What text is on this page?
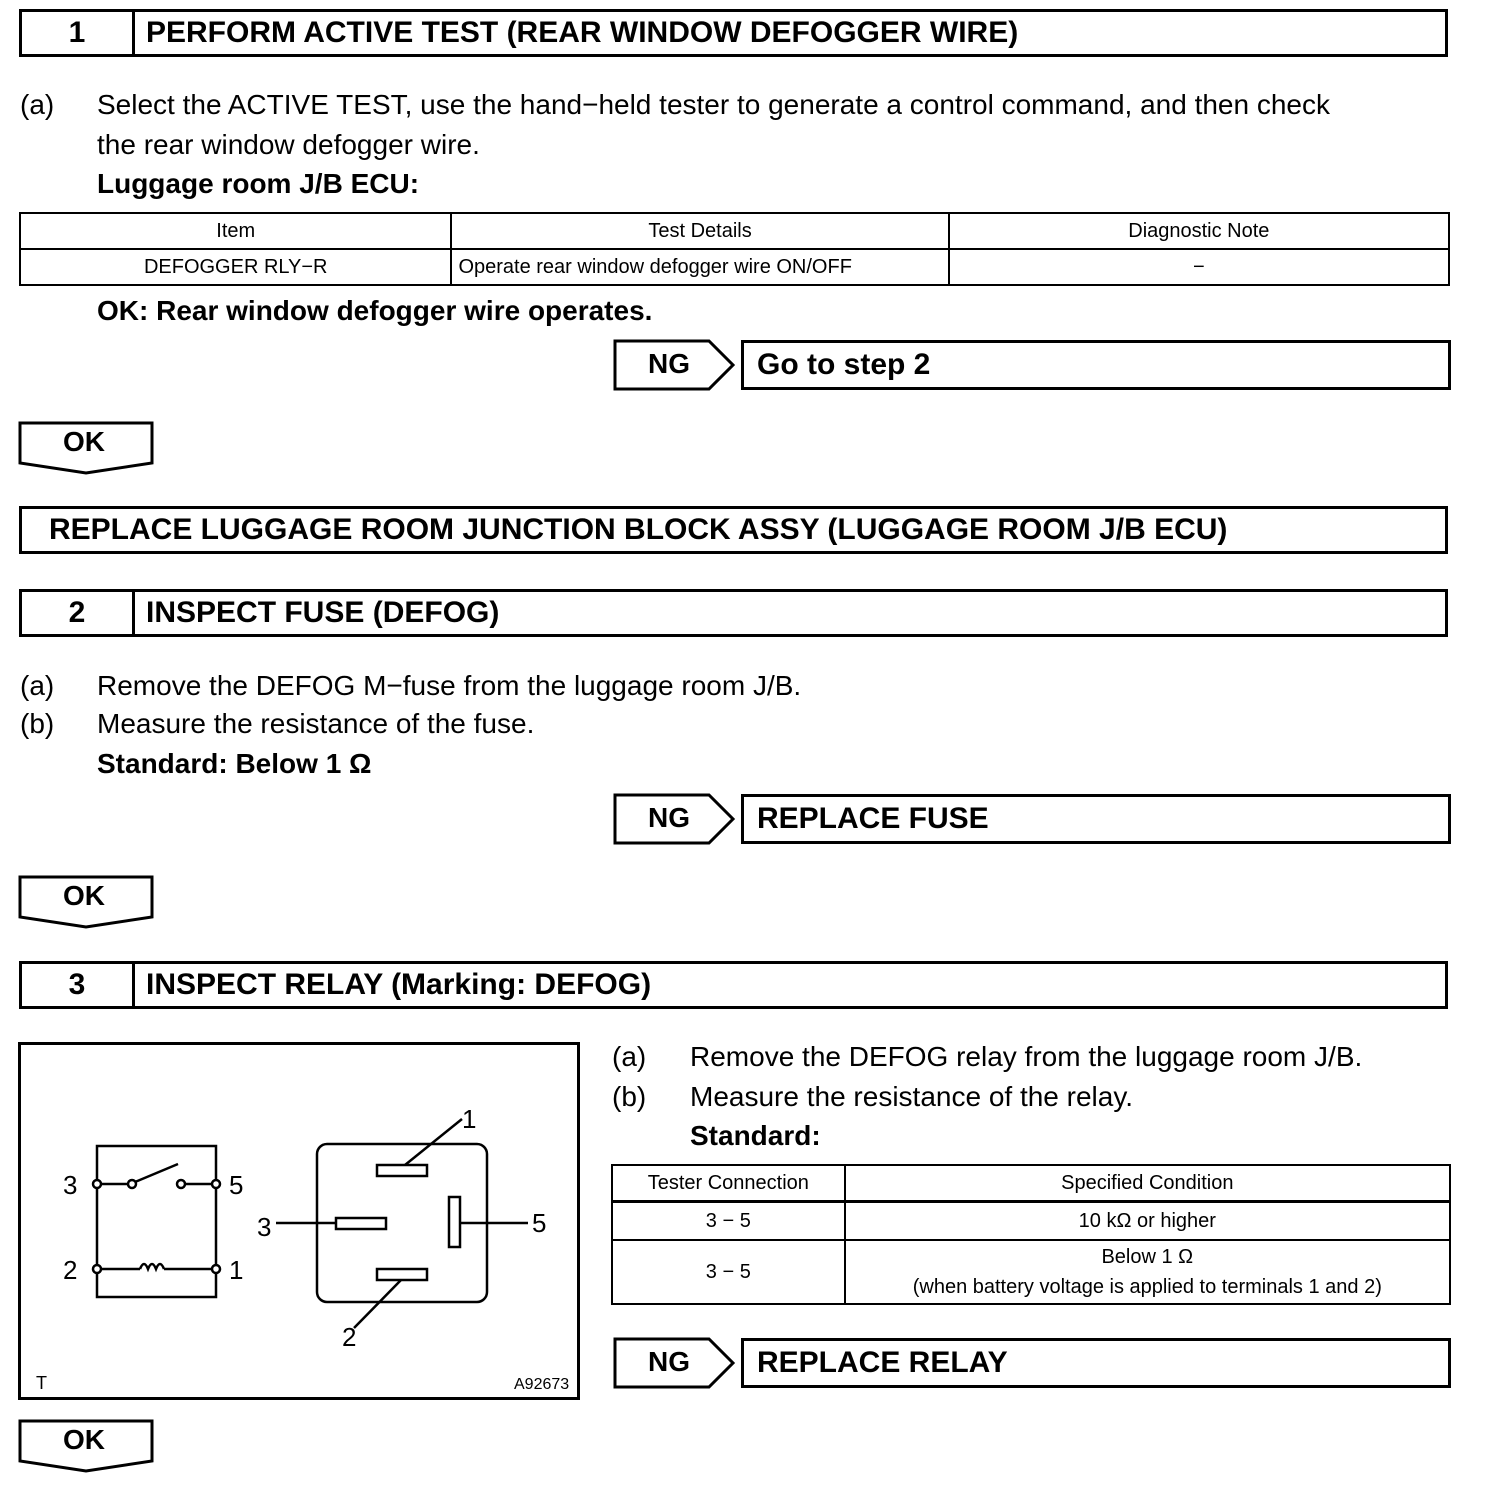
1	PERFORM ACTIVE TEST (REAR WINDOW DEFOGGER WIRE)
(a) Select the ACTIVE TEST, use the hand−held tester to generate a control command, and then check
the rear window defogger wire.
Luggage room J/B ECU:
Item	Test Details	Diagnostic Note
DEFOGGER RLY−R	Operate rear window defogger wire ON/OFF	−
OK: Rear window defogger wire operates.
NG	Go to step 2
OK
REPLACE LUGGAGE ROOM JUNCTION BLOCK ASSY (LUGGAGE ROOM J/B ECU)
2	INSPECT FUSE (DEFOG)
(a) Remove the DEFOG M−fuse from the luggage room J/B.
(b) Measure the resistance of the fuse.
Standard: Below 1 Ω
NG	REPLACE FUSE
OK
3	INSPECT RELAY (Marking: DEFOG)
3	5
2	1
1
3	5
2
T	A92673
(a) Remove the DEFOG relay from the luggage room J/B.
(b) Measure the resistance of the relay.
Standard:
Tester Connection	Specified Condition
3 − 5	10 kΩ or higher
3 − 5	Below 1 Ω
(when battery voltage is applied to terminals 1 and 2)
NG	REPLACE RELAY
OK
